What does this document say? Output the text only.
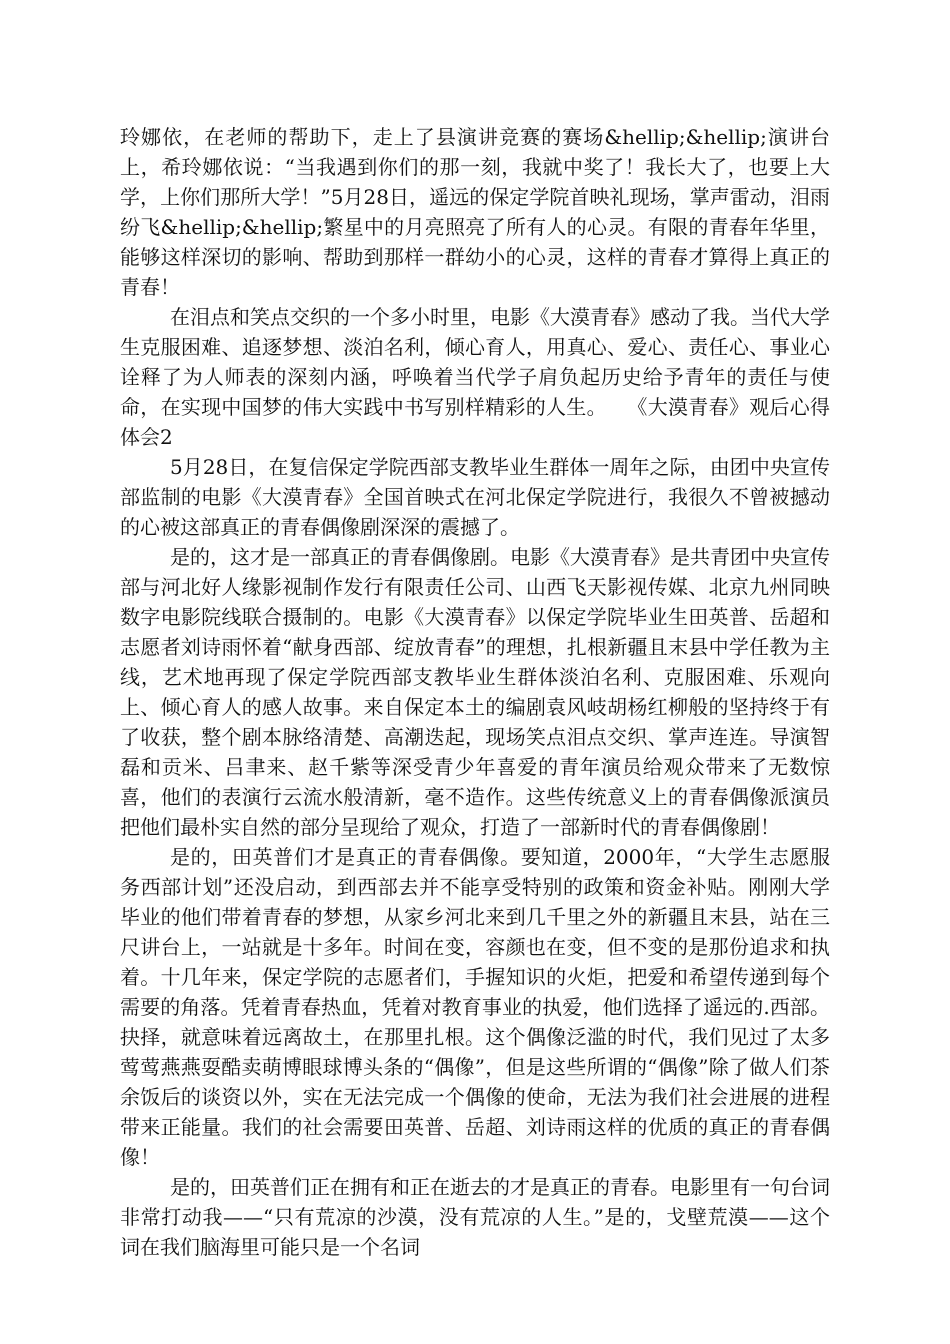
玲娜依，在老师的帮助下，走上了县演讲竞赛的赛场&hellip;&hellip;演讲台上，希玲娜依说：“当我遇到你们的那一刻，我就中奖了！我长大了，也要上大学，上你们那所大学！”5月28日，遥远的保定学院首映礼现场，掌声雷动，泪雨纷飞&hellip;&hellip;繁星中的月亮照亮了所有人的心灵。有限的青春年华里，能够这样深切的影响、帮助到那样一群幼小的心灵，这样的青春才算得上真正的青春！

在泪点和笑点交织的一个多小时里，电影《大漠青春》感动了我。当代大学生克服困难、追逐梦想、淡泊名利，倾心育人，用真心、爱心、责任心、事业心诠释了为人师表的深刻内涵，呼唤着当代学子肩负起历史给予青年的责任与使命，在实现中国梦的伟大实践中书写别样精彩的人生。　　《大漠青春》观后心得体会2

5月28日，在复信保定学院西部支教毕业生群体一周年之际，由团中央宣传部监制的电影《大漠青春》全国首映式在河北保定学院进行，我很久不曾被撼动的心被这部真正的青春偶像剧深深的震撼了。

是的，这才是一部真正的青春偶像剧。电影《大漠青春》是共青团中央宣传部与河北好人缘影视制作发行有限责任公司、山西飞天影视传媒、北京九州同映数字电影院线联合摄制的。电影《大漠青春》以保定学院毕业生田英普、岳超和志愿者刘诗雨怀着“献身西部、绽放青春”的理想，扎根新疆且末县中学任教为主线，艺术地再现了保定学院西部支教毕业生群体淡泊名利、克服困难、乐观向上、倾心育人的感人故事。来自保定本土的编剧袁风岐胡杨红柳般的坚持终于有了收获，整个剧本脉络清楚、高潮迭起，现场笑点泪点交织、掌声连连。导演智磊和贡米、吕聿来、赵千紫等深受青少年喜爱的青年演员给观众带来了无数惊喜，他们的表演行云流水般清新，毫不造作。这些传统意义上的青春偶像派演员把他们最朴实自然的部分呈现给了观众，打造了一部新时代的青春偶像剧！

是的，田英普们才是真正的青春偶像。要知道，2000年，“大学生志愿服务西部计划”还没启动，到西部去并不能享受特别的政策和资金补贴。刚刚大学毕业的他们带着青春的梦想，从家乡河北来到几千里之外的新疆且末县，站在三尺讲台上，一站就是十多年。时间在变，容颜也在变，但不变的是那份追求和执着。十几年来，保定学院的志愿者们，手握知识的火炬，把爱和希望传递到每个需要的角落。凭着青春热血，凭着对教育事业的执爱，他们选择了遥远的.西部。抉择，就意味着远离故土，在那里扎根。这个偶像泛滥的时代，我们见过了太多莺莺燕燕耍酷卖萌博眼球博头条的“偶像”，但是这些所谓的“偶像”除了做人们茶余饭后的谈资以外，实在无法完成一个偶像的使命，无法为我们社会进展的进程带来正能量。我们的社会需要田英普、岳超、刘诗雨这样的优质的真正的青春偶像！

是的，田英普们正在拥有和正在逝去的才是真正的青春。电影里有一句台词非常打动我——“只有荒凉的沙漠，没有荒凉的人生。”是的，戈壁荒漠——这个词在我们脑海里可能只是一个名词
